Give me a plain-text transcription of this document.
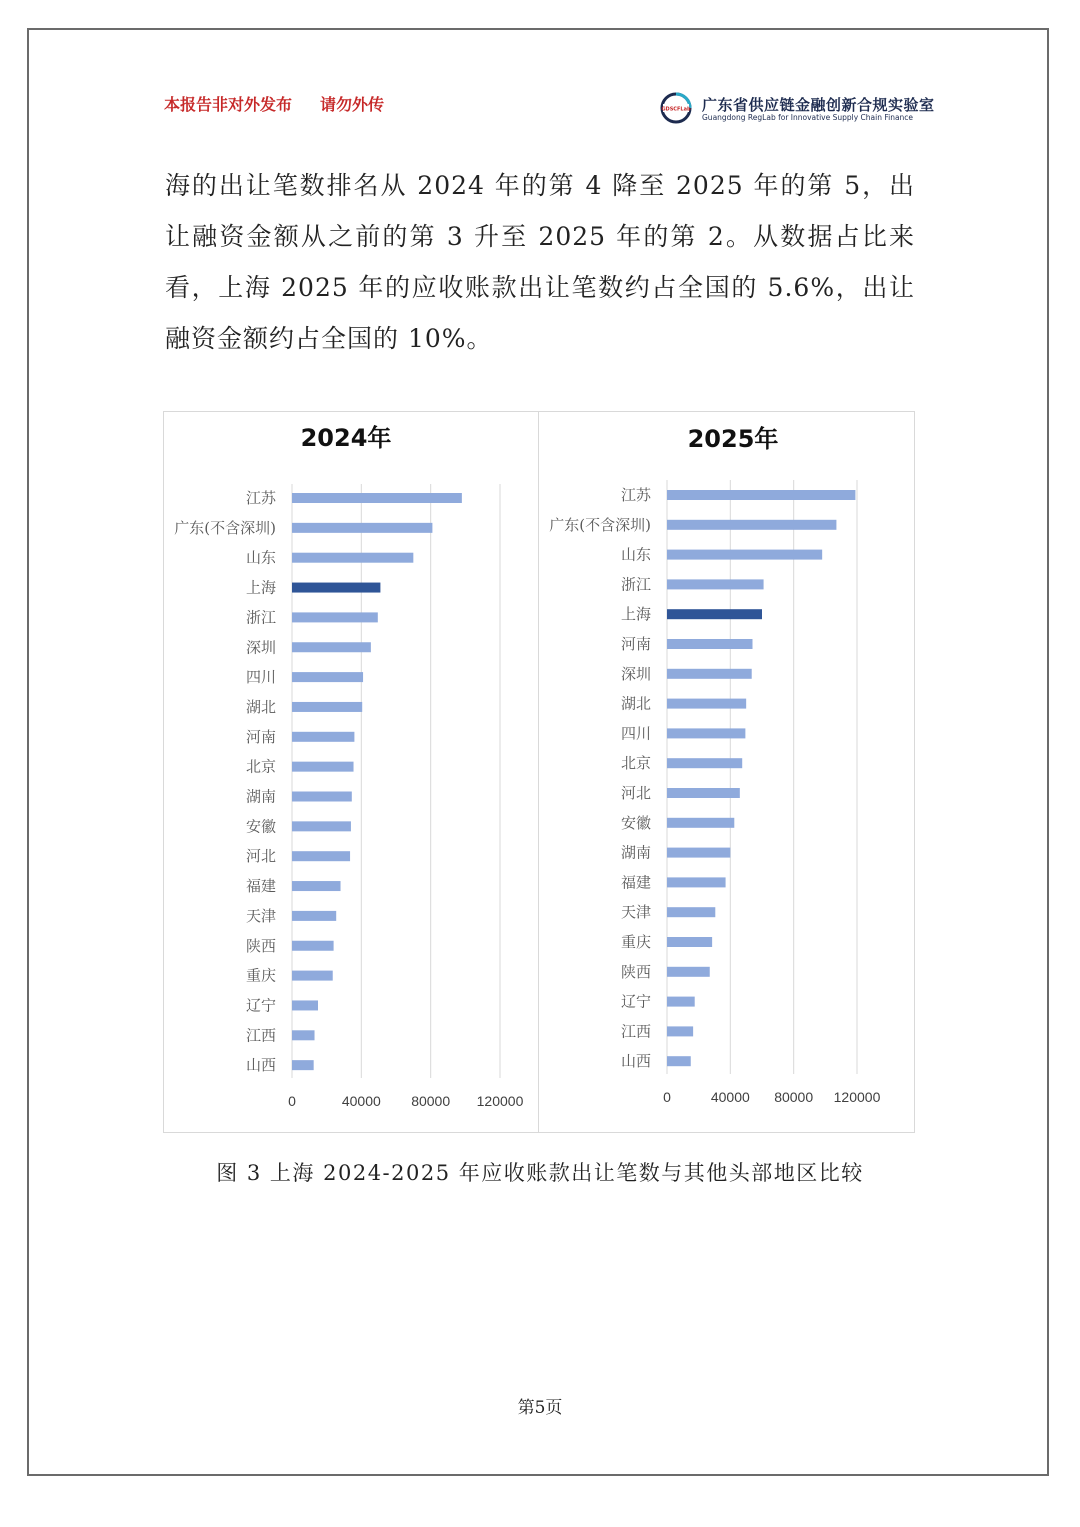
本报告非对外发布 请勿外传	GDSCFLab 广东省供应链金融创新合规实验室
Guangdong RegLab for Innovative Supply Chain Finance

海的出让笔数排名从 2024 年的第 4 降至 2025 年的第 5，出让融资金额从之前的第 3 升至 2025 年的第 2。从数据占比来看，上海 2025 年的应收账款出让笔数约占全国的 5.6%，出让融资金额约占全国的 10%。

0	40000 80000 120000
2024年
江苏
广东(不含深圳)
山东
上海
浙江
深圳
四川
湖北
河南
北京
湖南
安徽
河北
福建
天津
陕西
重庆
辽宁
江西
山西
0	40000 80000 120000
2025年
江苏
广东(不含深圳)
山东
浙江
上海
河南
深圳
湖北
四川
北京
河北
安徽
湖南
福建
天津
重庆
陕西
辽宁
江西
山西
图 3 上海 2024-2025 年应收账款出让笔数与其他头部地区比较
第5页
